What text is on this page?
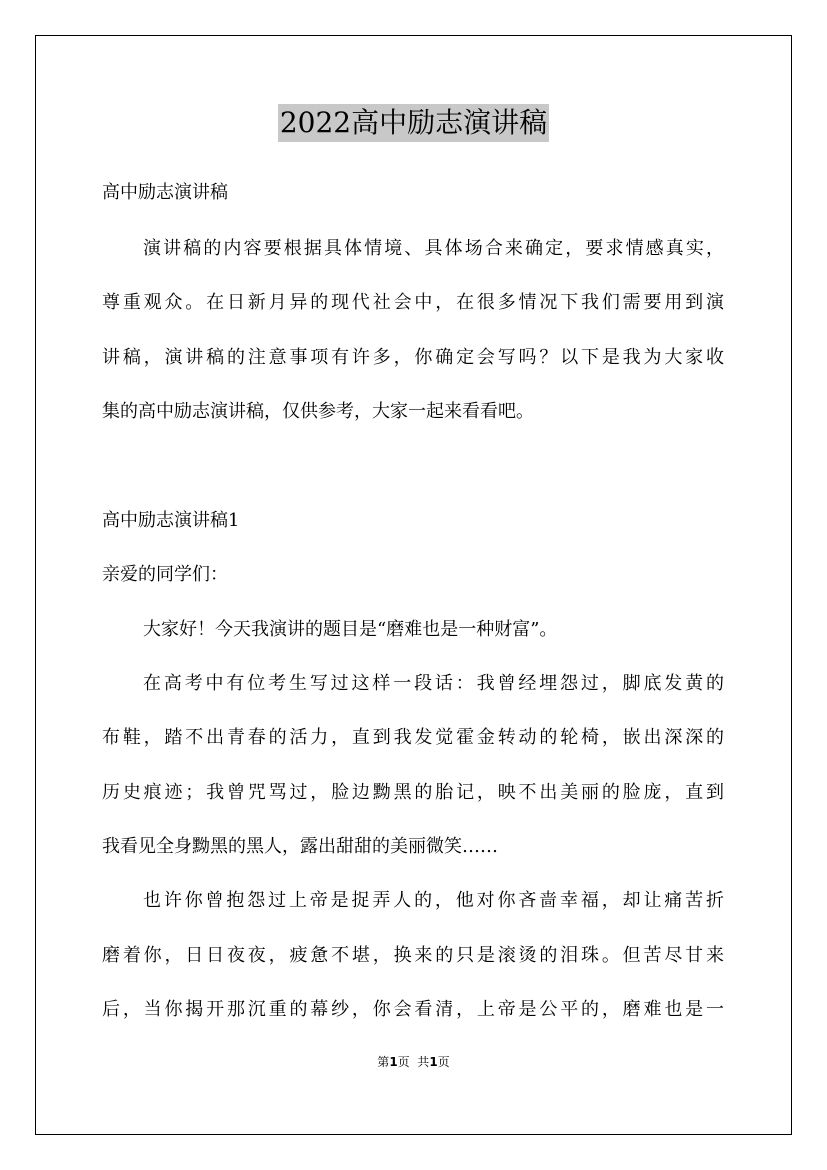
2022高中励志演讲稿
高中励志演讲稿
演讲稿的内容要根据具体情境、具体场合来确定，要求情感真实，
尊重观众。在日新月异的现代社会中，在很多情况下我们需要用到演
讲稿，演讲稿的注意事项有许多，你确定会写吗？以下是我为大家收
集的高中励志演讲稿，仅供参考，大家一起来看看吧。
高中励志演讲稿1
亲爱的同学们：
大家好！今天我演讲的题目是“磨难也是一种财富”。
在高考中有位考生写过这样一段话：我曾经埋怨过，脚底发黄的
布鞋，踏不出青春的活力，直到我发觉霍金转动的轮椅，嵌出深深的
历史痕迹；我曾咒骂过，脸边黝黑的胎记，映不出美丽的脸庞，直到
我看见全身黝黑的黑人，露出甜甜的美丽微笑……
也许你曾抱怨过上帝是捉弄人的，他对你吝啬幸福，却让痛苦折
磨着你，日日夜夜，疲惫不堪，换来的只是滚烫的泪珠。但苦尽甘来
后，当你揭开那沉重的幕纱，你会看清，上帝是公平的，磨难也是一
第1页  共1页
